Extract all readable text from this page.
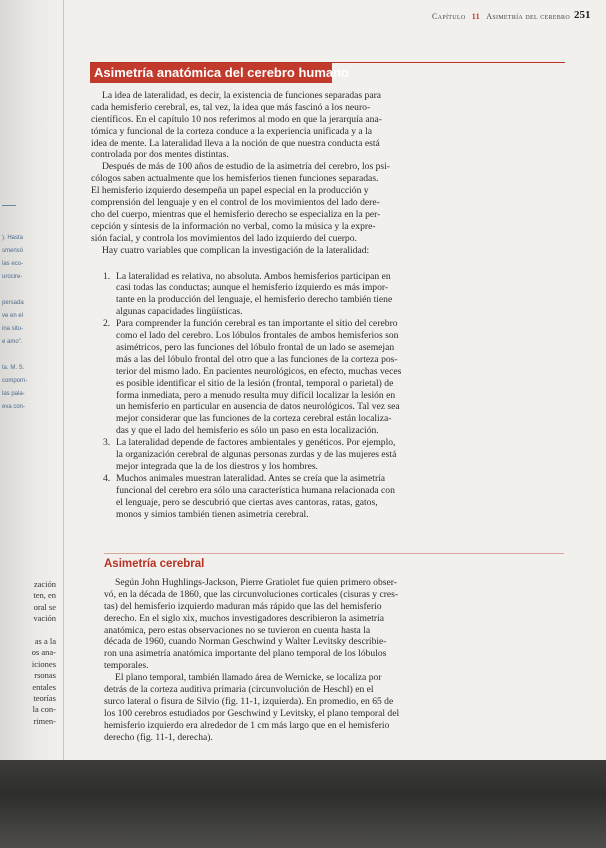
). Hasta
smensó
las eco-
urocire-
persada
ve en el
ina situ-
e amo".
ta. M. S.
comporn-
las pala-
eva con-
zación
ten, en
oral se
vación
as a la
os ana-
iciones
rsonas
entales
teorías
la con-
rimen-
Capítulo 11 Asimetría del cerebro 251
Asimetría anatómica del cerebro humano
La idea de lateralidad, es decir, la existencia de funciones separadas para
cada hemisferio cerebral, es, tal vez, la idea que más fascinó a los neuro-
científicos. En el capítulo 10 nos referimos al modo en que la jerarquía ana-
tómica y funcional de la corteza conduce a la experiencia unificada y a la
idea de mente. La lateralidad lleva a la noción de que nuestra conducta está
controlada por dos mentes distintas.
Después de más de 100 años de estudio de la asimetría del cerebro, los psi-
cólogos saben actualmente que los hemisferios tienen funciones separadas.
El hemisferio izquierdo desempeña un papel especial en la producción y
comprensión del lenguaje y en el control de los movimientos del lado dere-
cho del cuerpo, mientras que el hemisferio derecho se especializa en la per-
cepción y síntesis de la información no verbal, como la música y la expre-
sión facial, y controla los movimientos del lado izquierdo del cuerpo.
Hay cuatro variables que complican la investigación de la lateralidad:
1. La lateralidad es relativa, no absoluta. Ambos hemisferios participan en
casi todas las conductas; aunque el hemisferio izquierdo es más impor-
tante en la producción del lenguaje, el hemisferio derecho también tiene
algunas capacidades lingüísticas.
2. Para comprender la función cerebral es tan importante el sitio del cerebro
como el lado del cerebro. Los lóbulos frontales de ambos hemisferios son
asimétricos, pero las funciones del lóbulo frontal de un lado se asemejan
más a las del lóbulo frontal del otro que a las funciones de la corteza pos-
terior del mismo lado. En pacientes neurológicos, en efecto, muchas veces
es posible identificar el sitio de la lesión (frontal, temporal o parietal) de
forma inmediata, pero a menudo resulta muy difícil localizar la lesión en
un hemisferio en particular en ausencia de datos neurológicos. Tal vez sea
mejor considerar que las funciones de la corteza cerebral están localiza-
das y que el lado del hemisferio es sólo un paso en esta localización.
3. La lateralidad depende de factores ambientales y genéticos. Por ejemplo,
la organización cerebral de algunas personas zurdas y de las mujeres está
mejor integrada que la de los diestros y los hombres.
4. Muchos animales muestran lateralidad. Antes se creía que la asimetría
funcional del cerebro era sólo una característica humana relacionada con
el lenguaje, pero se descubrió que ciertas aves cantoras, ratas, gatos,
monos y simios también tienen asimetría cerebral.
Asimetría cerebral
Según John Hughlings-Jackson, Pierre Gratiolet fue quien primero obser-
vó, en la década de 1860, que las circunvoluciones corticales (cisuras y cres-
tas) del hemisferio izquierdo maduran más rápido que las del hemisferio
derecho. En el siglo xix, muchos investigadores describieron la asimetría
anatómica, pero estas observaciones no se tuvieron en cuenta hasta la
década de 1960, cuando Norman Geschwind y Walter Levitsky describie-
ron una asimetría anatómica importante del plano temporal de los lóbulos
temporales.
El plano temporal, también llamado área de Wernicke, se localiza por
detrás de la corteza auditiva primaria (circunvolución de Heschl) en el
surco lateral o fisura de Silvio (fig. 11-1, izquierda). En promedio, en 65 de
los 100 cerebros estudiados por Geschwind y Levitsky, el plano temporal del
hemisferio izquierdo era alrededor de 1 cm más largo que en el hemisferio
derecho (fig. 11-1, derecha).
